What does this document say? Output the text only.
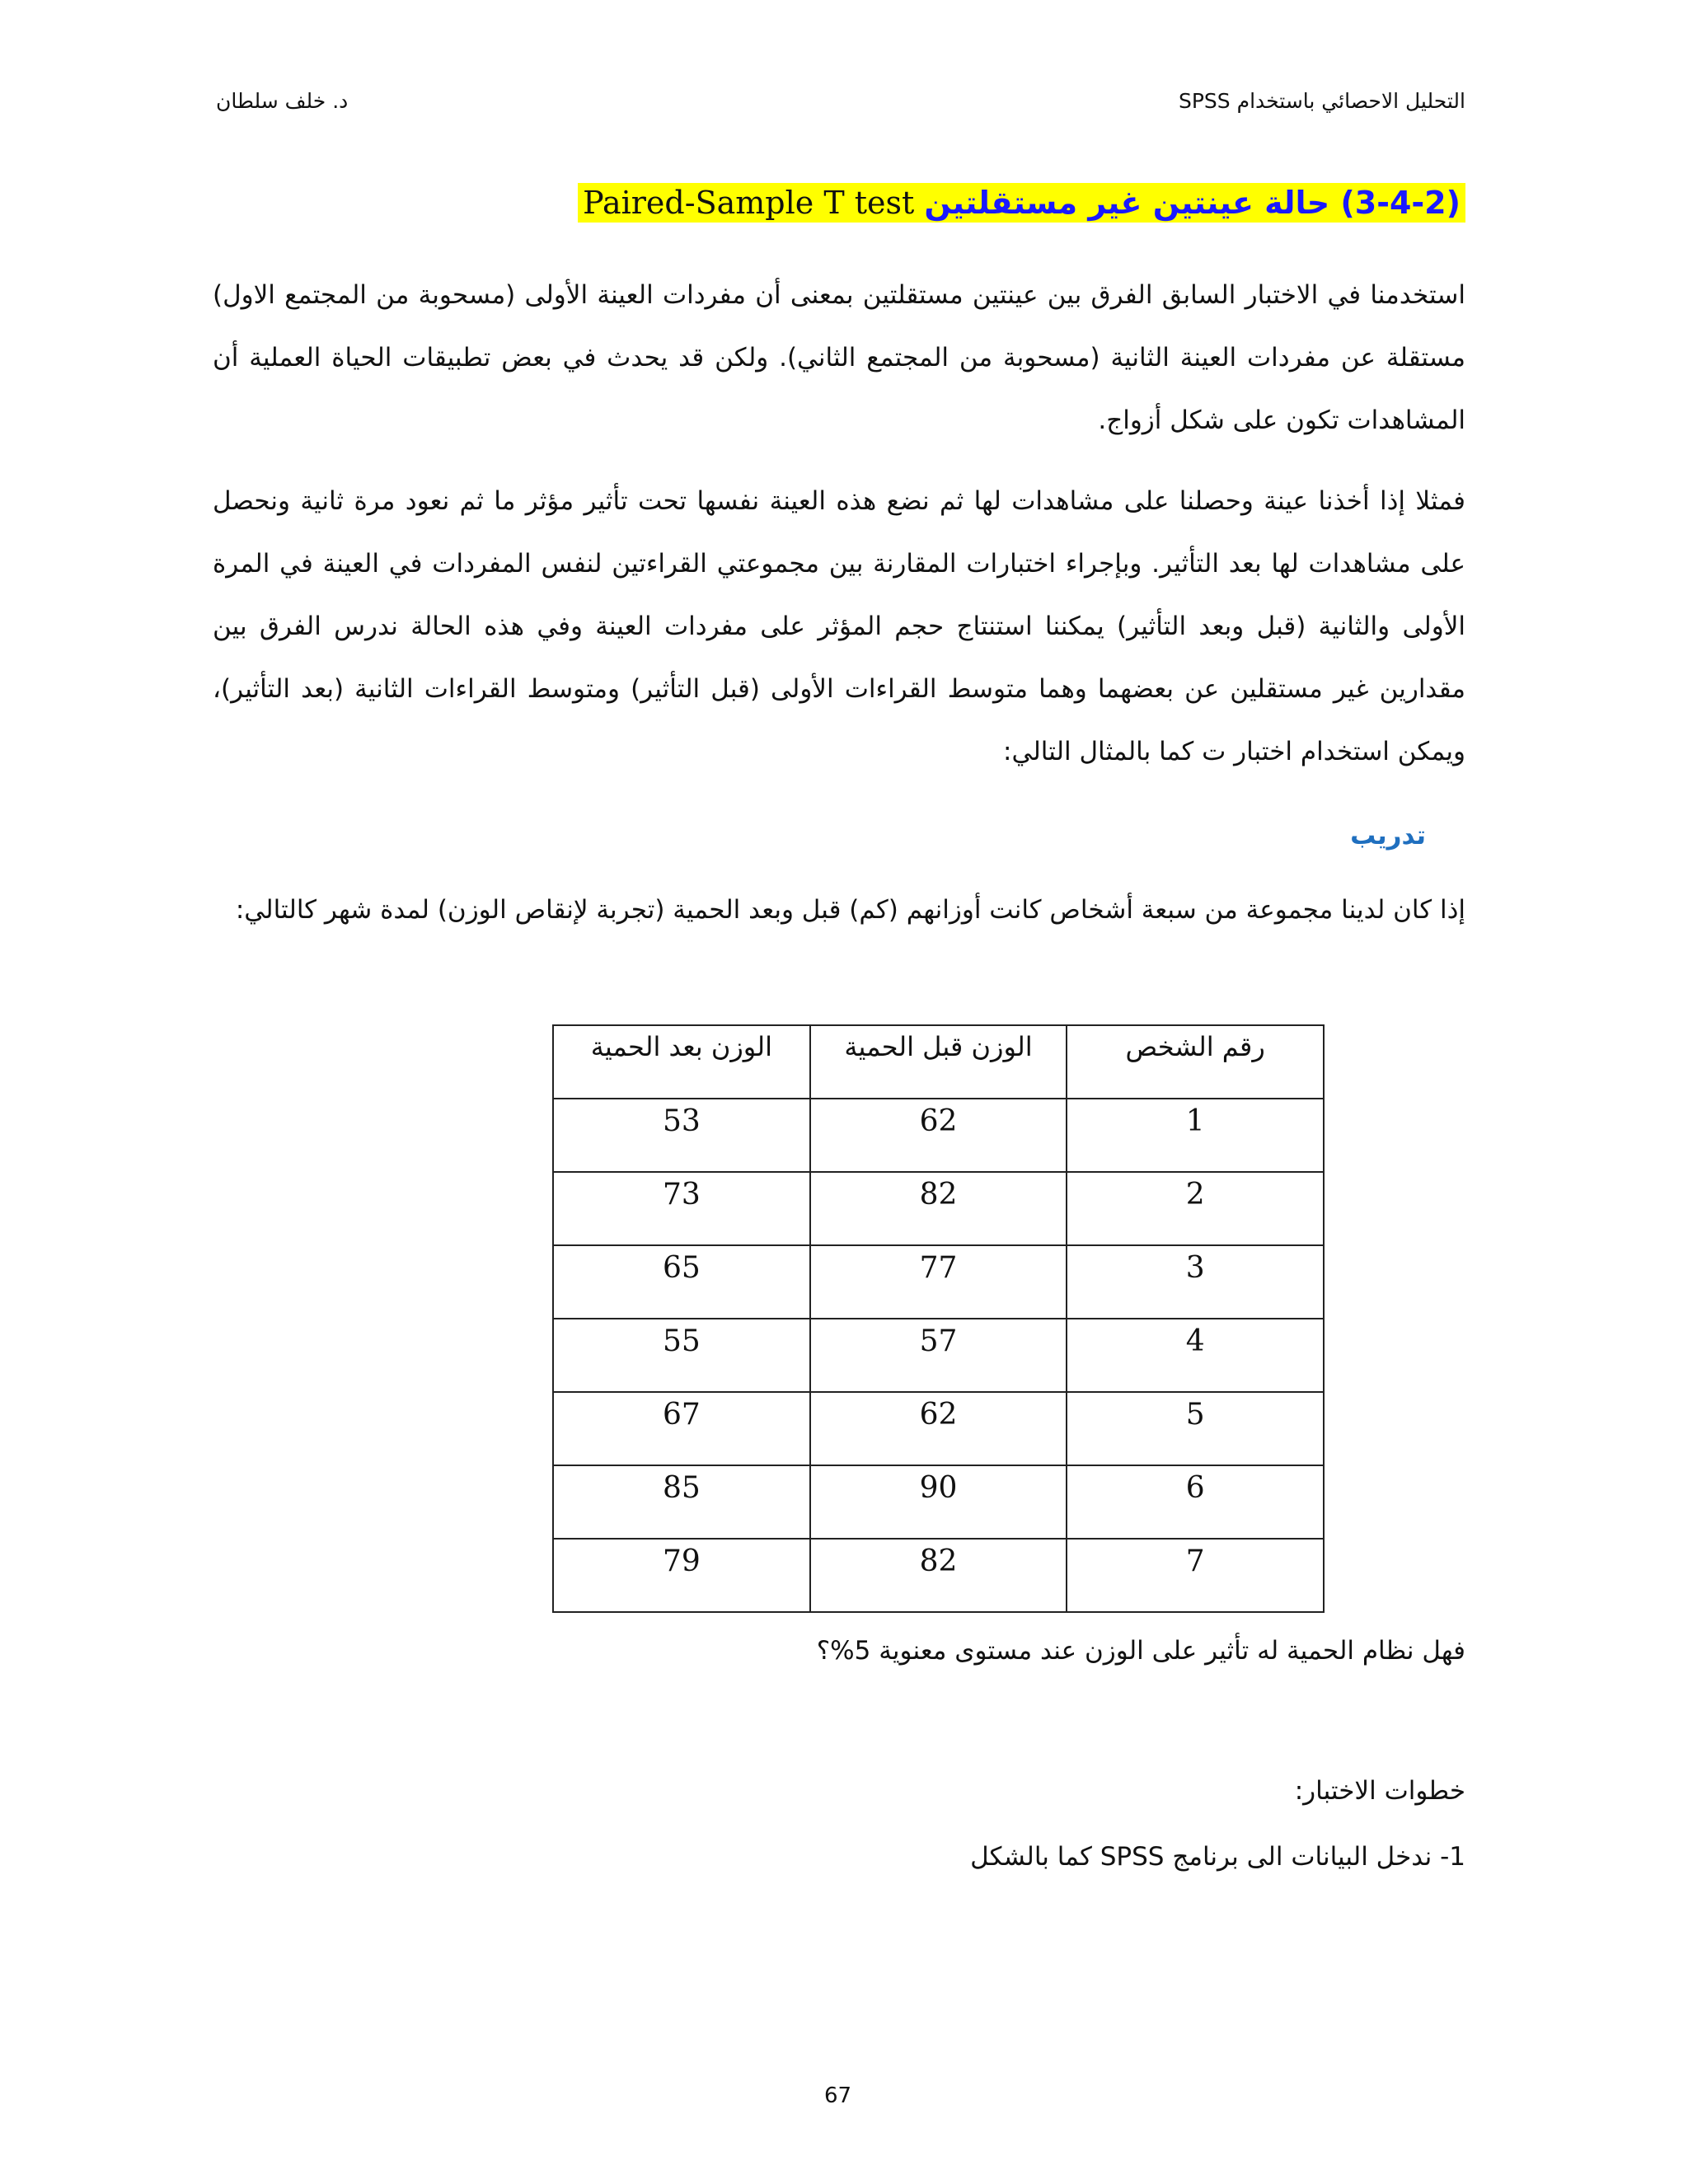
التحليل الاحصائي باستخدام SPSS
د. خلف سلطان
(3-4-2) حالة عينتين غير مستقلتين Paired-Sample T test
استخدمنا في الاختبار السابق الفرق بين عينتين مستقلتين بمعنى أن مفردات العينة الأولى (مسحوبة من المجتمع الاول) مستقلة عن مفردات العينة الثانية (مسحوبة من المجتمع الثاني). ولكن قد يحدث في بعض تطبيقات الحياة العملية أن المشاهدات تكون على شكل أزواج.
فمثلا إذا أخذنا عينة وحصلنا على مشاهدات لها ثم نضع هذه العينة نفسها تحت تأثير مؤثر ما ثم نعود مرة ثانية ونحصل على مشاهدات لها بعد التأثير. وبإجراء اختبارات المقارنة بين مجموعتي القراءتين لنفس المفردات في العينة في المرة الأولى والثانية (قبل وبعد التأثير) يمكننا استنتاج حجم المؤثر على مفردات العينة وفي هذه الحالة ندرس الفرق بين مقدارين غير مستقلين عن بعضهما وهما متوسط القراءات الأولى (قبل التأثير) ومتوسط القراءات الثانية (بعد التأثير)، ويمكن استخدام اختبار ت كما بالمثال التالي:
تدريب
إذا كان لدينا مجموعة من سبعة أشخاص كانت أوزانهم (كم) قبل وبعد الحمية (تجربة لإنقاص الوزن) لمدة شهر كالتالي:
رقم الشخص	الوزن قبل الحمية	الوزن بعد الحمية
1	62	53
2	82	73
3	77	65
4	57	55
5	62	67
6	90	85
7	82	79
فهل نظام الحمية له تأثير على الوزن عند مستوى معنوية 5%؟
خطوات الاختبار:
1- ندخل البيانات الى برنامج SPSS كما بالشكل
67
